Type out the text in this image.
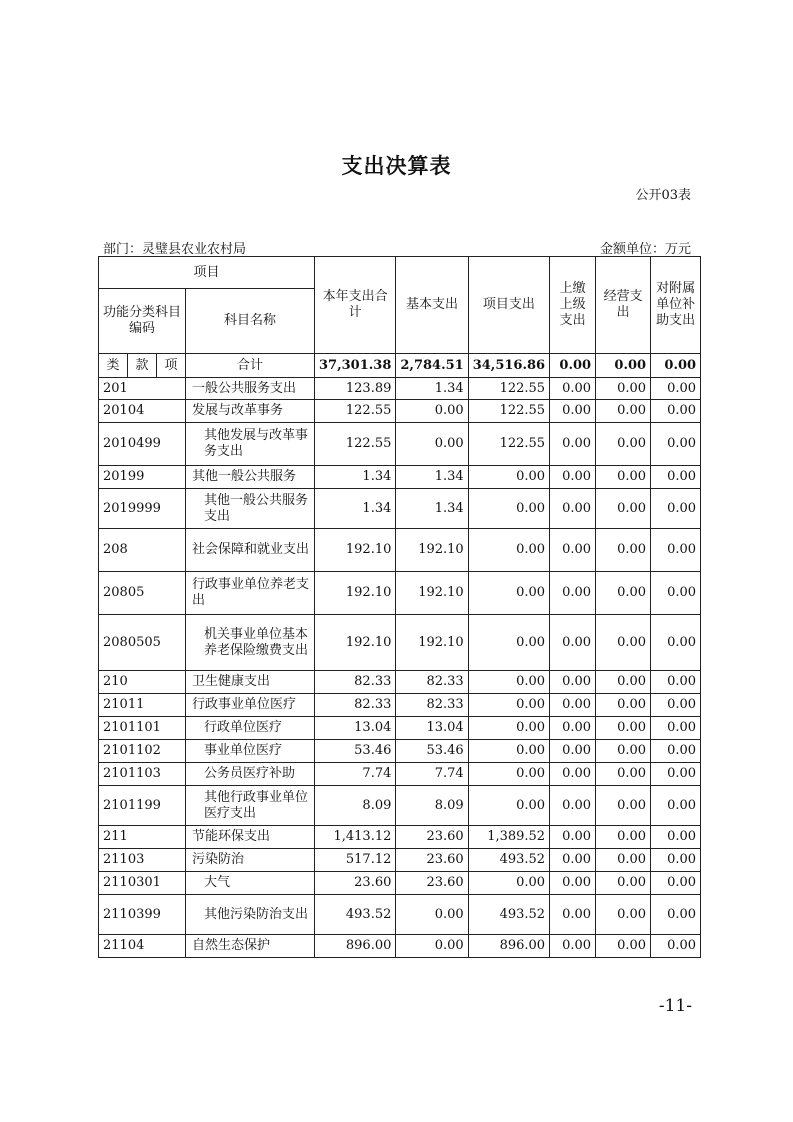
支出决算表
公开03表
部门：灵璧县农业农村局	金额单位：万元
项目				本年支出合计	基本支出	项目支出	上缴上级支出	经营支出	对附属单位补助支出
功能分类科目编码			科目名称						
类	款	项	合计	37,301.38	2,784.51	34,516.86	0.00	0.00	0.00
201			一般公共服务支出	123.89	1.34	122.55	0.00	0.00	0.00
20104			发展与改革事务	122.55	0.00	122.55	0.00	0.00	0.00
2010499			其他发展与改革事务支出	122.55	0.00	122.55	0.00	0.00	0.00
20199			其他一般公共服务	1.34	1.34	0.00	0.00	0.00	0.00
2019999			其他一般公共服务支出	1.34	1.34	0.00	0.00	0.00	0.00
208			社会保障和就业支出	192.10	192.10	0.00	0.00	0.00	0.00
20805			行政事业单位养老支出	192.10	192.10	0.00	0.00	0.00	0.00
2080505			机关事业单位基本养老保险缴费支出	192.10	192.10	0.00	0.00	0.00	0.00
210			卫生健康支出	82.33	82.33	0.00	0.00	0.00	0.00
21011			行政事业单位医疗	82.33	82.33	0.00	0.00	0.00	0.00
2101101			行政单位医疗	13.04	13.04	0.00	0.00	0.00	0.00
2101102			事业单位医疗	53.46	53.46	0.00	0.00	0.00	0.00
2101103			公务员医疗补助	7.74	7.74	0.00	0.00	0.00	0.00
2101199			其他行政事业单位医疗支出	8.09	8.09	0.00	0.00	0.00	0.00
211			节能环保支出	1,413.12	23.60	1,389.52	0.00	0.00	0.00
21103			污染防治	517.12	23.60	493.52	0.00	0.00	0.00
2110301			大气	23.60	23.60	0.00	0.00	0.00	0.00
2110399			其他污染防治支出	493.52	0.00	493.52	0.00	0.00	0.00
21104			自然生态保护	896.00	0.00	896.00	0.00	0.00	0.00
-11-
